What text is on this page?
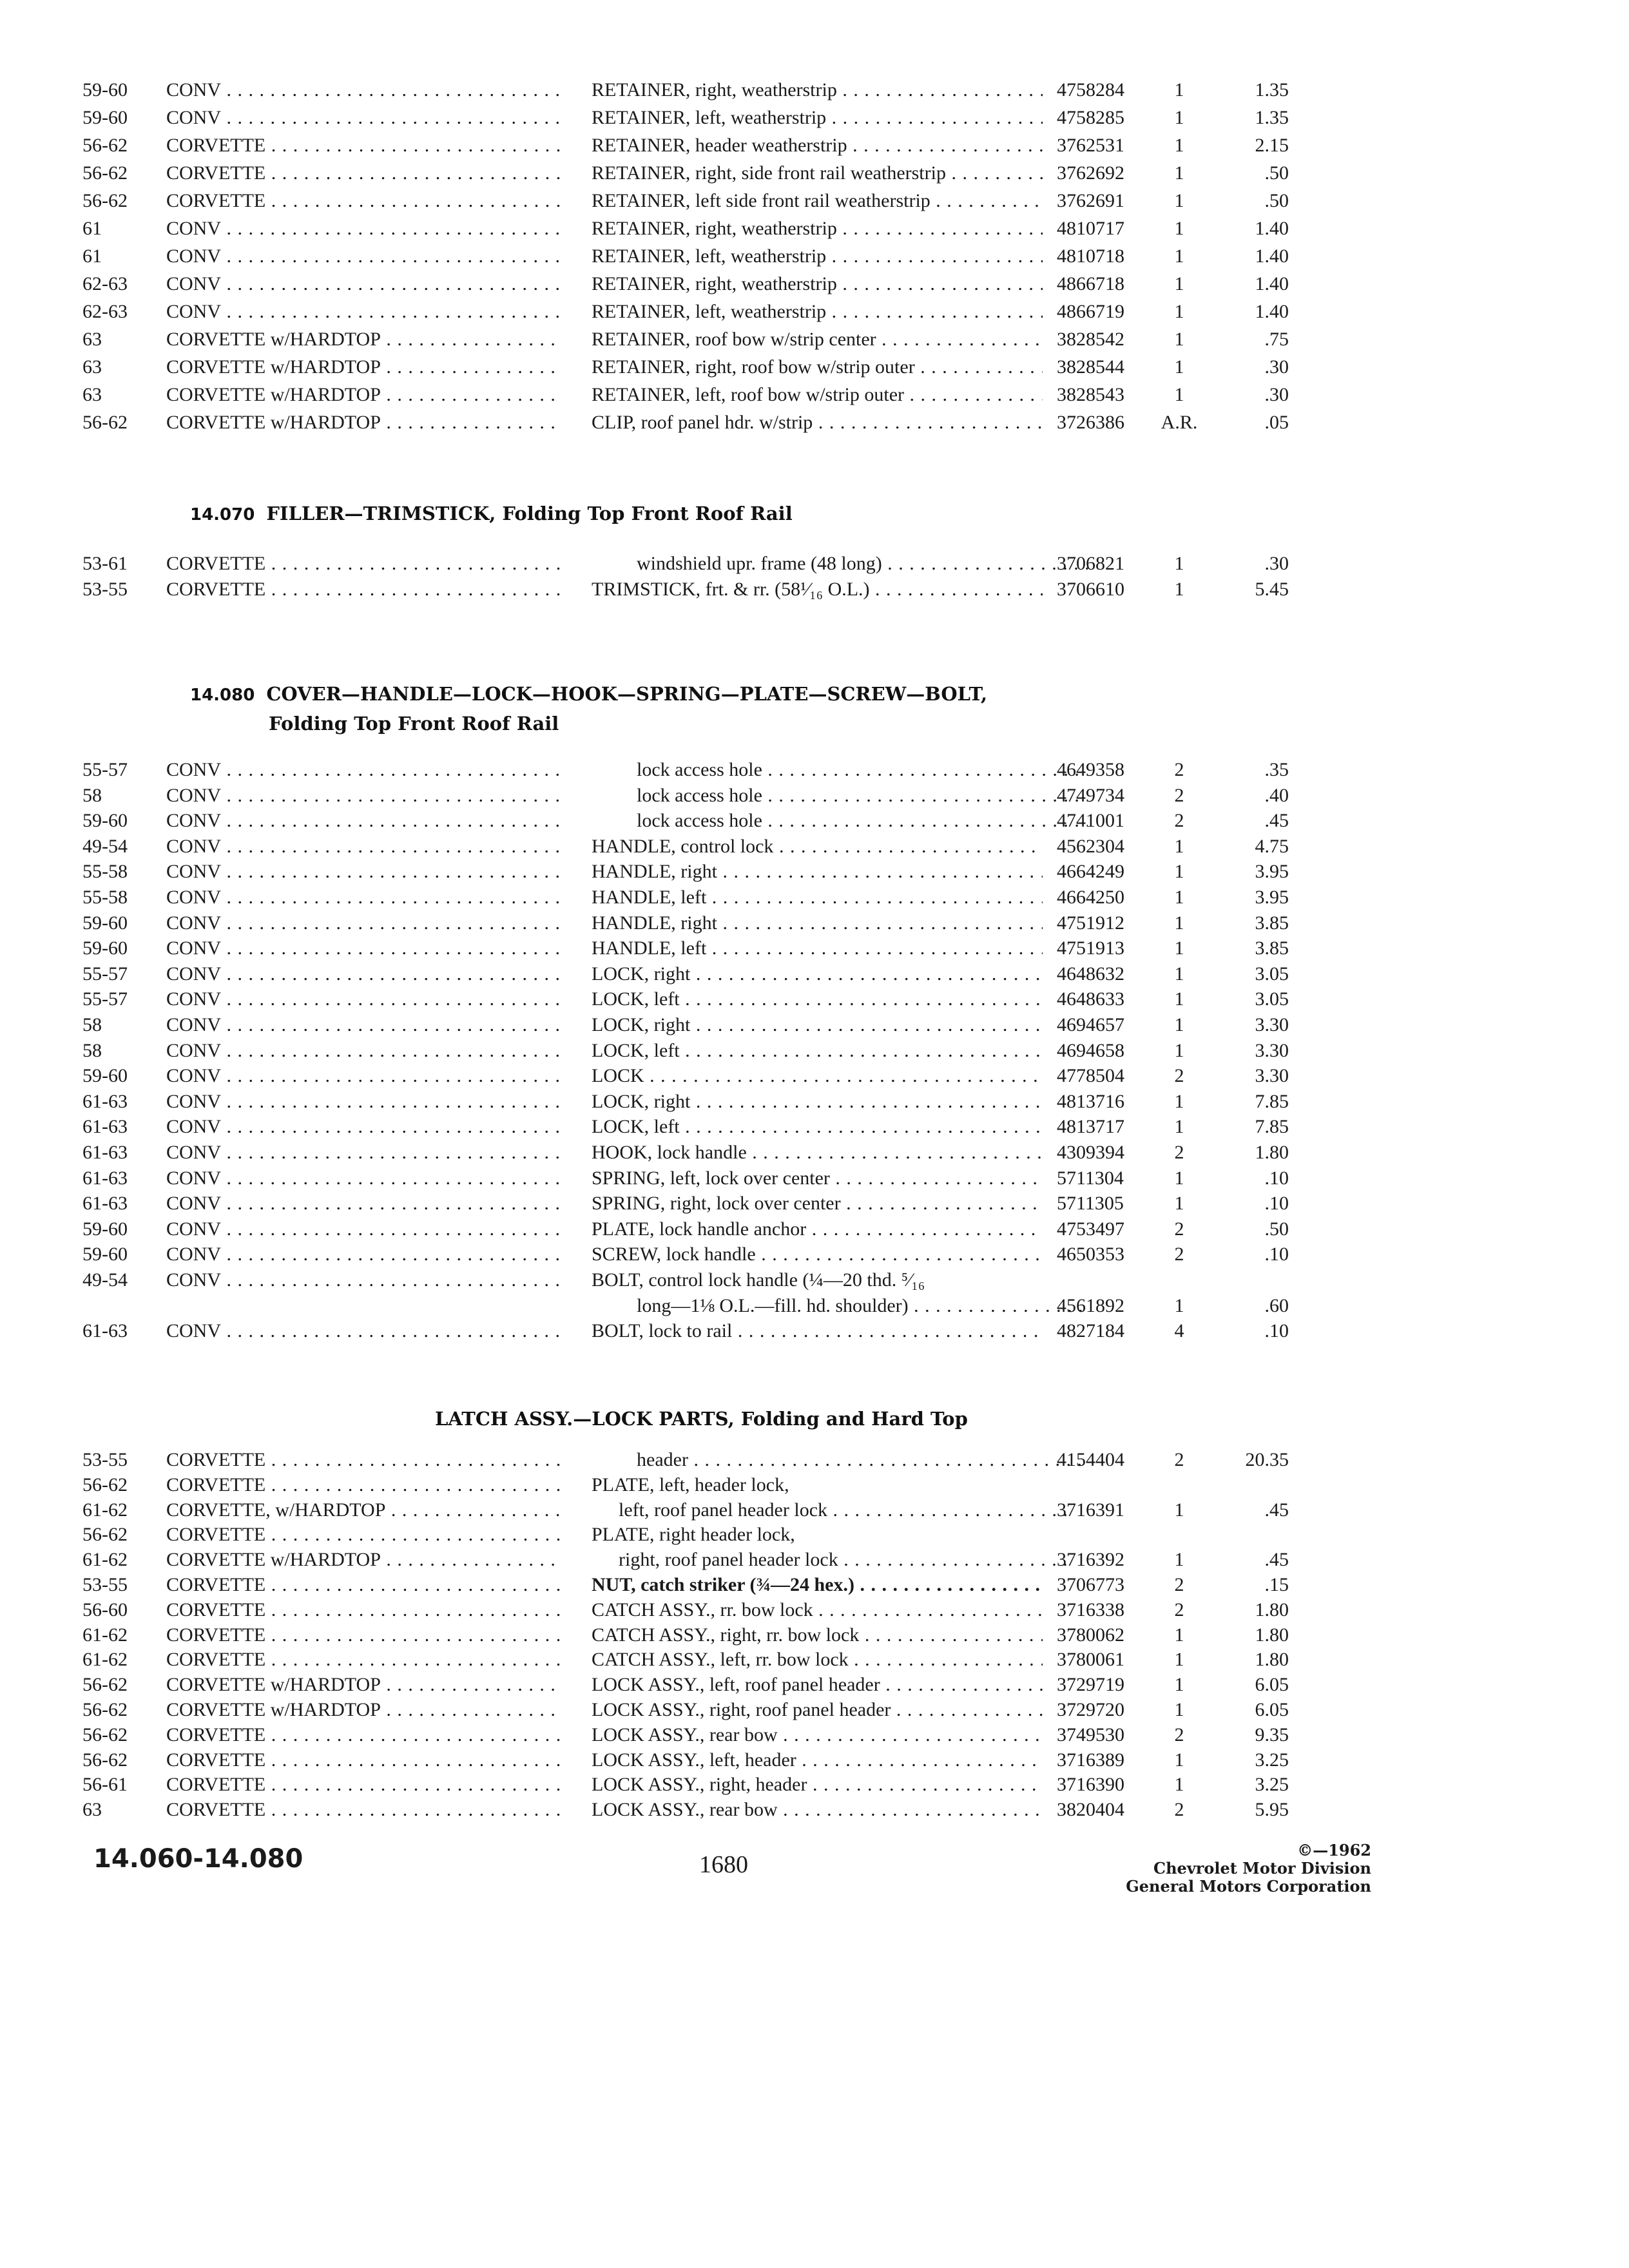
59-60 CONV . . .	RETAINER, right, weatherstrip . . .	4758284	1	1.35
59-60 CONV . . .	RETAINER, left, weatherstrip . . .	4758285	1	1.35
56-62 CORVETTE . . .	RETAINER, header weatherstrip . . .	3762531	1	2.15
56-62 CORVETTE . . .	RETAINER, right, side front rail weatherstrip . . .	3762692	1	.50
56-62 CORVETTE . . .	RETAINER, left side front rail weatherstrip . . .	3762691	1	.50
61	CONV . . .	RETAINER, right, weatherstrip . . .	4810717	1	1.40
61	CONV . . .	RETAINER, left, weatherstrip . . .	4810718	1	1.40
62-63 CONV . . .	RETAINER, right, weatherstrip . . .	4866718	1	1.40
62-63 CONV . . .	RETAINER, left, weatherstrip . . .	4866719	1	1.40
63	CORVETTE w/HARDTOP . . .	RETAINER, roof bow w/strip center . . .	3828542	1	.75
63	CORVETTE w/HARDTOP . . .	RETAINER, right, roof bow w/strip outer . . .	3828544	1	.30
63	CORVETTE w/HARDTOP . . .	RETAINER, left, roof bow w/strip outer . . .	3828543	1	.30
56-62 CORVETTE w/HARDTOP . . .	CLIP, roof panel hdr. w/strip . . .	3726386 A.R.	.05
14.070 FILLER—TRIMSTICK, Folding Top Front Roof Rail
53-61 CORVETTE . . .	windshield upr. frame (48 long) . . .	3706821	1	.30
53-55 CORVETTE . . .	TRIMSTICK, frt. & rr. (58¹⁄₁₆ O.L.) . . .	3706610	1	5.45
14.080 COVER—HANDLE—LOCK—HOOK—SPRING—PLATE—SCREW—BOLT,
Folding Top Front Roof Rail
55-57 CONV . . .	lock access hole . . .	4649358	2	.35
58	CONV . . .	lock access hole . . .	4749734	2	.40
59-60 CONV . . .	lock access hole . . .	4741001	2	.45
49-54 CONV . . .	HANDLE, control lock . . .	4562304	1	4.75
55-58 CONV . . .	HANDLE, right . . .	4664249	1	3.95
55-58 CONV . . .	HANDLE, left . . .	4664250	1	3.95
59-60 CONV . . .	HANDLE, right . . .	4751912	1	3.85
59-60 CONV . . .	HANDLE, left . . .	4751913	1	3.85
55-57 CONV . . .	LOCK, right . . .	4648632	1	3.05
55-57 CONV . . .	LOCK, left . . .	4648633	1	3.05
58	CONV . . .	LOCK, right . . .	4694657	1	3.30
58	CONV . . .	LOCK, left . . .	4694658	1	3.30
59-60 CONV . . .	LOCK . . .	4778504	2	3.30
61-63 CONV . . .	LOCK, right . . .	4813716	1	7.85
61-63 CONV . . .	LOCK, left . . .	4813717	1	7.85
61-63 CONV . . .	HOOK, lock handle . . .	4309394	2	1.80
61-63 CONV . . .	SPRING, left, lock over center . . .	5711304	1	.10
61-63 CONV . . .	SPRING, right, lock over center . . .	5711305	1	.10
59-60 CONV . . .	PLATE, lock handle anchor . . .	4753497	2	.50
59-60 CONV . . .	SCREW, lock handle . . .	4650353	2	.10
49-54 CONV . . .	BOLT, control lock handle (¼—20 thd. ⁵⁄₁₆
long—1⅛ O.L.—fill. hd. shoulder) . . .	4561892	1	.60
61-63 CONV . . .	BOLT, lock to rail . . .	4827184	4	.10
LATCH ASSY.—LOCK PARTS, Folding and Hard Top
53-55 CORVETTE . . .	header . . .	4154404	2	20.35
56-62 CORVETTE . . .	PLATE, left, header lock,
61-62 CORVETTE, w/HARDTOP . . .	left, roof panel header lock . . .	3716391	1	.45
56-62 CORVETTE . . .	PLATE, right header lock,
61-62 CORVETTE w/HARDTOP . . .	right, roof panel header lock . . .	3716392	1	.45
53-55 CORVETTE . . .	NUT, catch striker (¾—24 hex.) . . .	3706773	2	.15
56-60 CORVETTE . . .	CATCH ASSY., rr. bow lock . . .	3716338	2	1.80
61-62 CORVETTE . . .	CATCH ASSY., right, rr. bow lock . . .	3780062	1	1.80
61-62 CORVETTE . . .	CATCH ASSY., left, rr. bow lock . . .	3780061	1	1.80
56-62 CORVETTE w/HARDTOP . . .	LOCK ASSY., left, roof panel header . . .	3729719	1	6.05
56-62 CORVETTE w/HARDTOP . . .	LOCK ASSY., right, roof panel header . . .	3729720	1	6.05
56-62 CORVETTE . . .	LOCK ASSY., rear bow . . .	3749530	2	9.35
56-62 CORVETTE . . .	LOCK ASSY., left, header . . .	3716389	1	3.25
56-61 CORVETTE . . .	LOCK ASSY., right, header . . .	3716390	1	3.25
63	CORVETTE . . .	LOCK ASSY., rear bow . . .	3820404	2	5.95
14.060-14.080	1680
©—1962
Chevrolet Motor Division
General Motors Corporation
